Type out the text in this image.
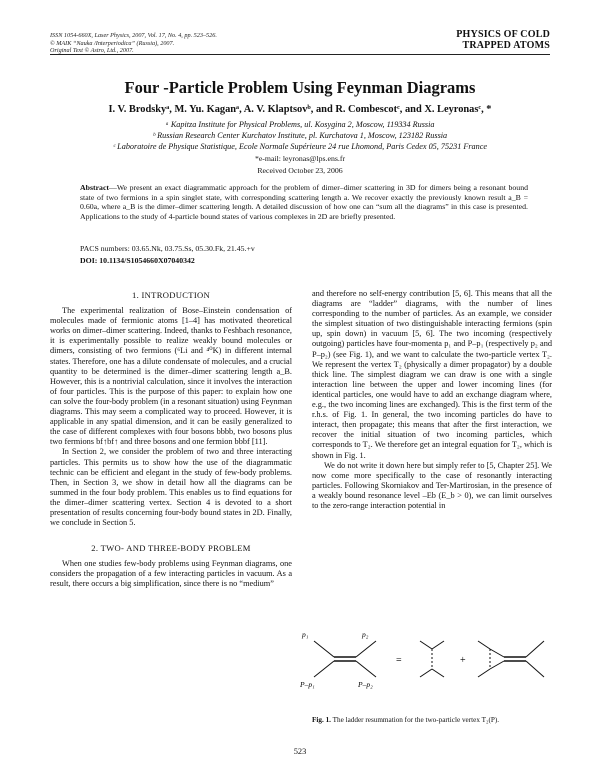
ISSN 1054-660X, Laser Physics, 2007, Vol. 17, No. 4, pp. 523–526.
© MAIK “Nauka /Interperiodica” (Russia), 2007.
Original Text © Astro, Ltd., 2007.
PHYSICS OF COLD
TRAPPED ATOMS
Four -Particle Problem Using Feynman Diagrams
I. V. Brodskyᵃ, M. Yu. Kaganᵃ, A. V. Klaptsovᵇ, and R. Combescotᶜ, and X. Leyronasᶜ, *
ᵃ Kapitza Institute for Physical Problems, ul. Kosygina 2, Moscow, 119334 Russia
ᵇ Russian Research Center Kurchatov Institute, pl. Kurchatova 1, Moscow, 123182 Russia
ᶜ Laboratoire de Physique Statistique, Ecole Normale Supérieure 24 rue Lhomond, Paris Cedex 05, 75231 France
*e-mail: leyronas@lps.ens.fr
Received October 23, 2006
Abstract—We present an exact diagrammatic approach for the problem of dimer–dimer scattering in 3D for dimers being a resonant bound state of two fermions in a spin singlet state, with corresponding scattering length a. We recover exactly the previously known result a_B = 0.60a, where a_B is the dimer–dimer scattering length. A detailed discussion of how one can “sum all the diagrams” in this case is presented. Applications to the study of 4-particle bound states of various complexes in 2D are briefly presented.
PACS numbers: 03.65.Nk, 03.75.Ss, 05.30.Fk, 21.45.+v
DOI: 10.1134/S1054660X07040342
1. INTRODUCTION

The experimental realization of Bose–Einstein condensation of molecules made of fermionic atoms [1–4] has motivated theoretical works on dimer–dimer scattering. Indeed, thanks to Feshbach resonance, it is experimentally possible to realize weakly bound molecules or dimers, consisting of two fermions (⁶Li and ⁴⁰K) in different internal states. Therefore, one has a dilute condensate of molecules, and a crucial quantity to be determined is the dimer–dimer scattering length a_B. However, this is a nontrivial calculation, since it involves the interaction of four particles. This is the purpose of this paper: to explain how one can solve the four-body problem (in a resonant situation) using Feynman diagrams. This may seem a complicated way to proceed. However, it is applicable in any spatial dimension, and it can be easily generalized to the case of different complexes with four bosons bbbb, two bosons plus two fermions bf↑bf↑ and three bosons and one fermion bbbf [11].

In Section 2, we consider the problem of two and three interacting particles. This permits us to show how the use of the diagrammatic technic can be efficient and elegant in the study of few-body problems. Then, in Section 3, we show in detail how all the diagrams can be summed in the four body problem. This enables us to find equations for the dimer–dimer scattering vertex. Section 4 is devoted to a short presentation of results concerning four-body bound states in 2D. Finally, we conclude in Section 5.

2. TWO- AND THREE-BODY PROBLEM

When one studies few-body problems using Feynman diagrams, one considers the propagation of a few interacting particles in vacuum. As a result, there occurs a big simplification, since there is no “medium”

and therefore no self-energy contribution [5, 6]. This means that all the diagrams are “ladder” diagrams, with the number of lines corresponding to the number of particles. As an example, we consider the simplest situation of two distinguishable interacting fermions (spin up, spin down) in vacuum [5, 6]. The two incoming (respectively outgoing) particles have four-momenta p₁ and P–p₁ (respectively p₂ and P–p₂) (see Fig. 1), and we want to calculate the two-particle vertex T₂. We represent the vertex T₂ (physically a dimer propagator) by a double thick line. The simplest diagram we can draw is one with a single interaction line between the upper and lower incoming lines (for identical particles, one would have to add an exchange diagram where, e.g., the two incoming lines are exchanged). This is the first term of the r.h.s. of Fig. 1. In general, the two incoming particles do have to interact, then propagate; this means that after the first interaction, we recover the initial situation of two incoming particles, which corresponds to T₂. We therefore get an integral equation for T₂, which is shown in Fig. 1.

We do not write it down here but simply refer to [5, Chapter 25]. We now come more specifically to the case of resonantly interacting particles. Following Skorniakov and Ter-Martirosian, in the presence of a weakly bound resonance level –Eb (E_b > 0), we can limit ourselves to the zero-range interaction potential in

p₁	p₂
P–p₁	P–p₂
=	+
Fig. 1. The ladder resummation for the two-particle vertex T₂(P).
523
